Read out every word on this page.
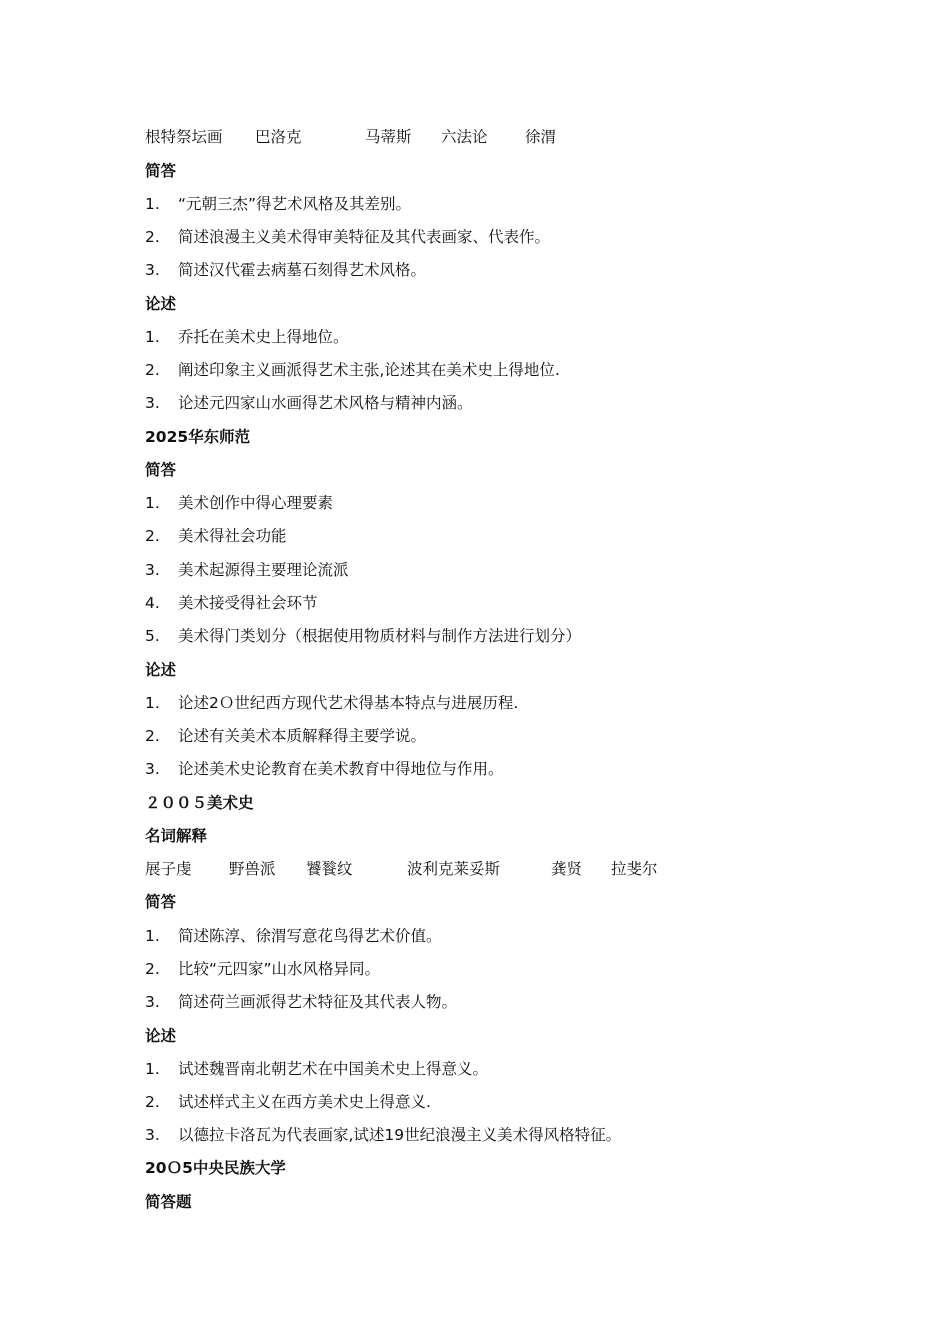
根特祭坛画 巴洛克	马蒂斯 六法论 徐渭
简答
1. “元朝三杰”得艺术风格及其差别。
2. 简述浪漫主义美术得审美特征及其代表画家、代表作。
3. 简述汉代霍去病墓石刻得艺术风格。
论述
1. 乔托在美术史上得地位。
2. 阐述印象主义画派得艺术主张,论述其在美术史上得地位.
3. 论述元四家山水画得艺术风格与精神内涵。
2025华东师范
简答
1. 美术创作中得心理要素
2. 美术得社会功能
3. 美术起源得主要理论流派
4. 美术接受得社会环节
5. 美术得门类划分（根据使用物质材料与制作方法进行划分）
论述
1. 论述2Ｏ世纪西方现代艺术得基本特点与进展历程.
2. 论述有关美术本质解释得主要学说。
3. 论述美术史论教育在美术教育中得地位与作用。
２００５美术史
名词解释
展子虔 野兽派 饕餮纹	波利克莱妥斯	龚贤 拉斐尔
简答
1. 简述陈淳、徐渭写意花鸟得艺术价值。
2. 比较“元四家”山水风格异同。
3. 简述荷兰画派得艺术特征及其代表人物。
论述
1. 试述魏晋南北朝艺术在中国美术史上得意义。
2. 试述样式主义在西方美术史上得意义.
3. 以德拉卡洛瓦为代表画家,试述19世纪浪漫主义美术得风格特征。
20Ｏ5中央民族大学
简答题
